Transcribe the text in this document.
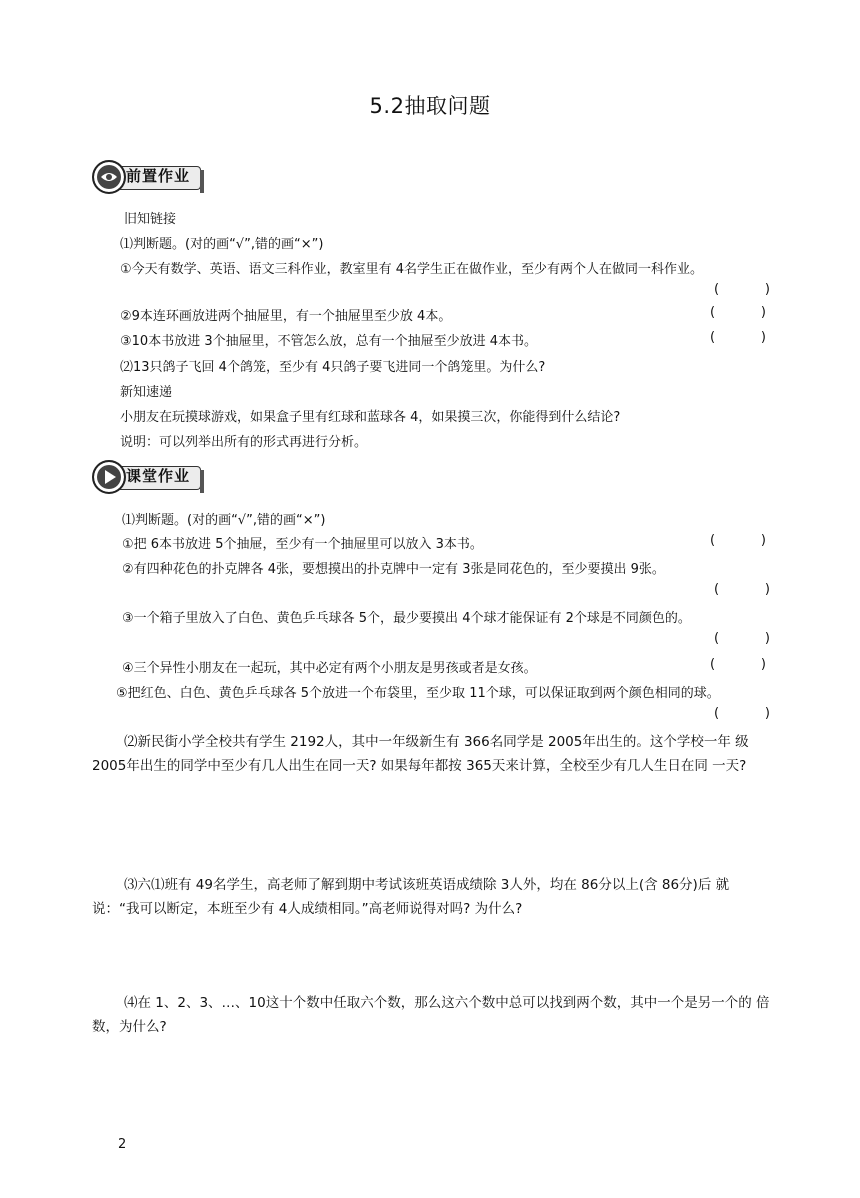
5.2抽取问题
前置作业
旧知链接
⑴判断题。(对的画“√”,错的画“×”)
①今天有数学、英语、语文三科作业，教室里有 4名学生正在做作业，至少有两个人在做同一科作业。
(	)
②9本连环画放进两个抽屉里，有一个抽屉里至少放 4本。	(	)
③10本书放进 3个抽屉里，不管怎么放，总有一个抽屉至少放进 4本书。	(	)
⑵13只鸽子飞回 4个鸽笼，至少有 4只鸽子要飞进同一个鸽笼里。为什么?
新知速递
小朋友在玩摸球游戏，如果盒子里有红球和蓝球各 4，如果摸三次，你能得到什么结论?
说明：可以列举出所有的形式再进行分析。
课堂作业
⑴判断题。(对的画“√”,错的画“×”)
①把 6本书放进 5个抽屉，至少有一个抽屉里可以放入 3本书。	(	)
②有四种花色的扑克牌各 4张，要想摸出的扑克牌中一定有 3张是同花色的，至少要摸出 9张。
(	)
③一个箱子里放入了白色、黄色乒乓球各 5个，最少要摸出 4个球才能保证有 2个球是不同颜色的。
(	)
④三个异性小朋友在一起玩，其中必定有两个小朋友是男孩或者是女孩。	(	)
⑤把红色、白色、黄色乒乓球各 5个放进一个布袋里，至少取 11个球，可以保证取到两个颜色相同的球。
(	)
⑵新民街小学全校共有学生 2192人，其中一年级新生有 366名同学是 2005年出生的。这个学校一年 级 2005年出生的同学中至少有几人出生在同一天? 如果每年都按 365天来计算，全校至少有几人生日在同 一天?
⑶六⑴班有 49名学生，高老师了解到期中考试该班英语成绩除 3人外，均在 86分以上(含 86分)后 就说：“我可以断定，本班至少有 4人成绩相同。”高老师说得对吗? 为什么?
⑷在 1、2、3、…、10这十个数中任取六个数，那么这六个数中总可以找到两个数，其中一个是另一个的 倍数，为什么?
2
